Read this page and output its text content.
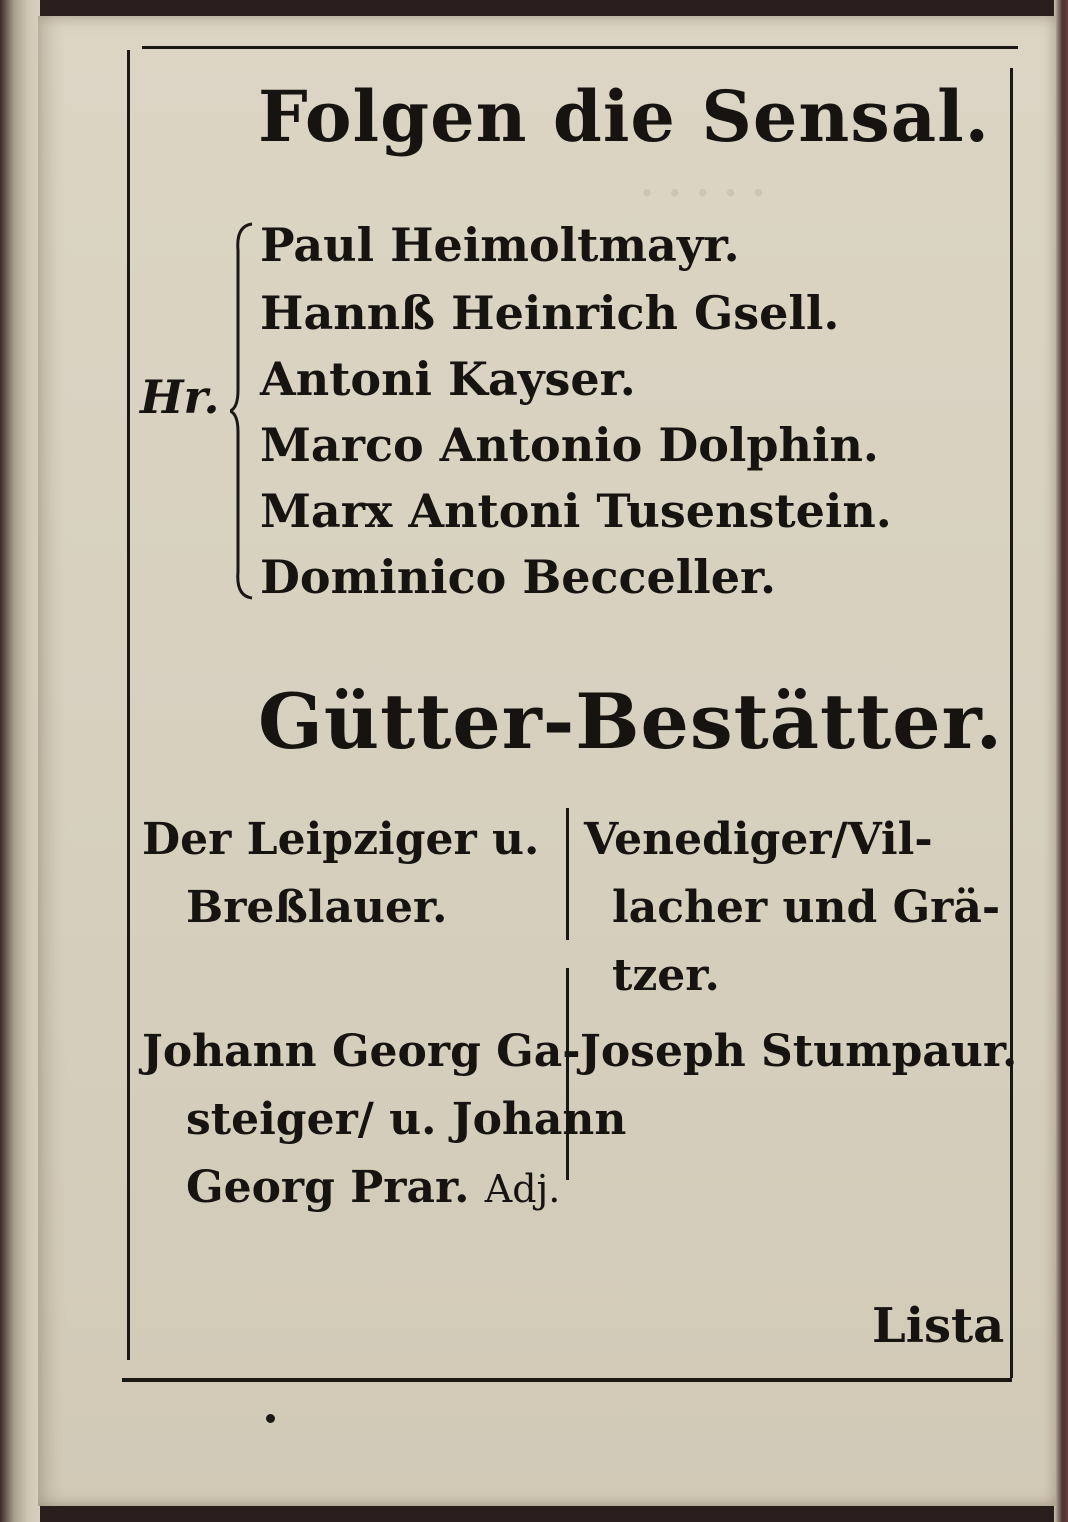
· · · · ·
Folgen die Sensal.
Hr.
Paul Heimoltmayr.
Hannß Heinrich Gsell.
Antoni Kayser.
Marco Antonio Dolphin.
Marx Antoni Tusenstein.
Dominico Becceller.
Gütter-Bestätter.
Der Leipziger u.
Breßlauer.
Venediger/Vil-
lacher und Grä-
tzer.
Johann Georg Ga-
steiger/ u. Johann
Georg Prar. Adj.
Joseph Stumpaur.
Lista
